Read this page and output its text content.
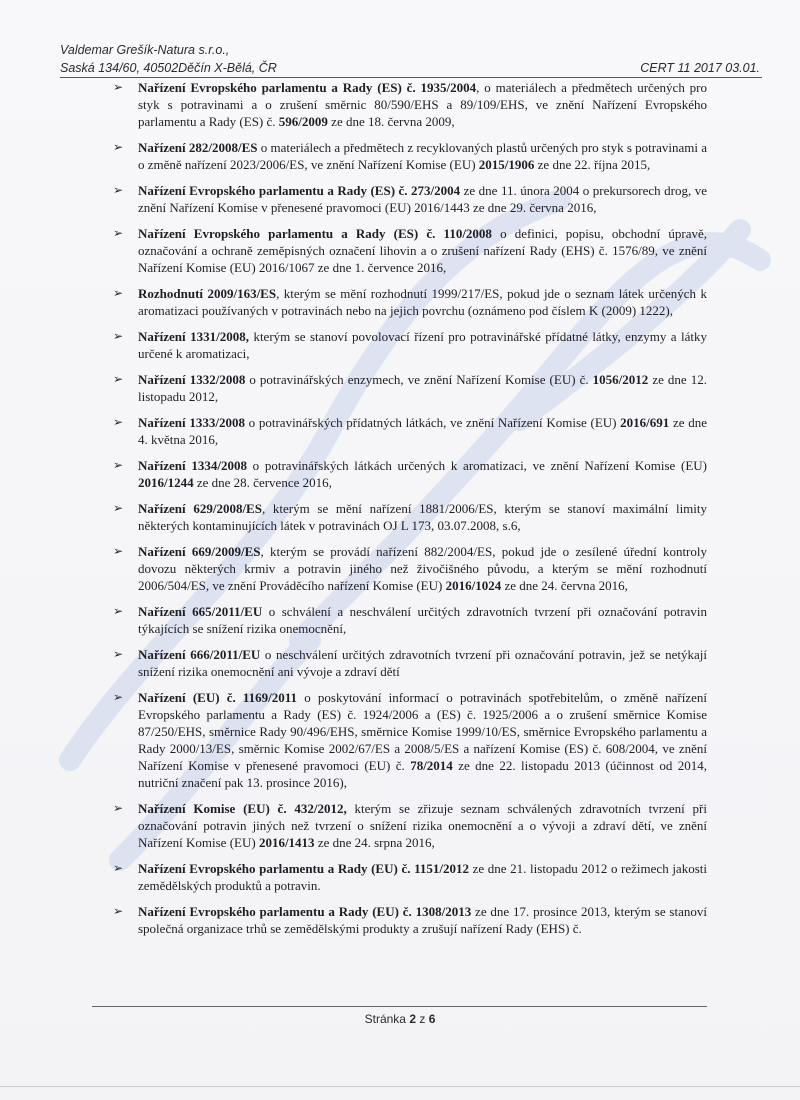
Valdemar Grešík-Natura s.r.o.,
Saská 134/60, 40502Děčín X-Bělá, ČR	CERT 11 2017 03.01.
➢ Nařízení Evropského parlamentu a Rady (ES) č. 1935/2004, o materiálech a předmětech určených pro styk s potravinami a o zrušení směrnic 80/590/EHS a 89/109/EHS, ve znění Nařízení Evropského parlamentu a Rady (ES) č. 596/2009 ze dne 18. června 2009,
➢ Nařízení 282/2008/ES o materiálech a předmětech z recyklovaných plastů určených pro styk s potravinami a o změně nařízení 2023/2006/ES, ve znění Nařízení Komise (EU) 2015/1906 ze dne 22. října 2015,
➢ Nařízení Evropského parlamentu a Rady (ES) č. 273/2004 ze dne 11. února 2004 o prekursorech drog, ve znění Nařízení Komise v přenesené pravomoci (EU) 2016/1443 ze dne 29. června 2016,
➢ Nařízení Evropského parlamentu a Rady (ES) č. 110/2008 o definici, popisu, obchodní úpravě, označování a ochraně zeměpisných označení lihovin a o zrušení nařízení Rady (EHS) č. 1576/89, ve znění Nařízení Komise (EU) 2016/1067 ze dne 1. července 2016,
➢ Rozhodnutí 2009/163/ES, kterým se mění rozhodnutí 1999/217/ES, pokud jde o seznam látek určených k aromatizaci používaných v potravinách nebo na jejich povrchu (oznámeno pod číslem K (2009) 1222),
➢ Nařízení 1331/2008, kterým se stanoví povolovací řízení pro potravinářské přídatné látky, enzymy a látky určené k aromatizaci,
➢ Nařízení 1332/2008 o potravinářských enzymech, ve znění Nařízení Komise (EU) č. 1056/2012 ze dne 12. listopadu 2012,
➢ Nařízení 1333/2008 o potravinářských přídatných látkách, ve znění Nařízení Komise (EU) 2016/691 ze dne 4. května 2016,
➢ Nařízení 1334/2008 o potravinářských látkách určených k aromatizaci, ve znění Nařízení Komise (EU) 2016/1244 ze dne 28. července 2016,
➢ Nařízení 629/2008/ES, kterým se mění nařízení 1881/2006/ES, kterým se stanoví maximální limity některých kontaminujících látek v potravinách OJ L 173, 03.07.2008, s.6,
➢ Nařízení 669/2009/ES, kterým se provádí nařízení 882/2004/ES, pokud jde o zesílené úřední kontroly dovozu některých krmiv a potravin jiného než živočišného původu, a kterým se mění rozhodnutí 2006/504/ES, ve znění Prováděcího nařízení Komise (EU) 2016/1024 ze dne 24. června 2016,
➢ Nařízení 665/2011/EU o schválení a neschválení určitých zdravotních tvrzení při označování potravin týkajících se snížení rizika onemocnění,
➢ Nařízení 666/2011/EU o neschválení určitých zdravotních tvrzení při označování potravin, jež se netýkají snížení rizika onemocnění ani vývoje a zdraví dětí
➢ Nařízení (EU) č. 1169/2011 o poskytování informací o potravinách spotřebitelům, o změně nařízení Evropského parlamentu a Rady (ES) č. 1924/2006 a (ES) č. 1925/2006 a o zrušení směrnice Komise 87/250/EHS, směrnice Rady 90/496/EHS, směrnice Komise 1999/10/ES, směrnice Evropského parlamentu a Rady 2000/13/ES, směrnic Komise 2002/67/ES a 2008/5/ES a nařízení Komise (ES) č. 608/2004, ve znění Nařízení Komise v přenesené pravomoci (EU) č. 78/2014 ze dne 22. listopadu 2013 (účinnost od 2014, nutriční značení pak 13. prosince 2016),
➢ Nařízení Komise (EU) č. 432/2012, kterým se zřizuje seznam schválených zdravotních tvrzení při označování potravin jiných než tvrzení o snížení rizika onemocnění a o vývoji a zdraví dětí, ve znění Nařízení Komise (EU) 2016/1413 ze dne 24. srpna 2016,
➢ Nařízení Evropského parlamentu a Rady (EU) č. 1151/2012 ze dne 21. listopadu 2012 o režimech jakosti zemědělských produktů a potravin.
➢ Nařízení Evropského parlamentu a Rady (EU) č. 1308/2013 ze dne 17. prosince 2013, kterým se stanoví společná organizace trhů se zemědělskými produkty a zrušují nařízení Rady (EHS) č.
Stránka 2 z 6
